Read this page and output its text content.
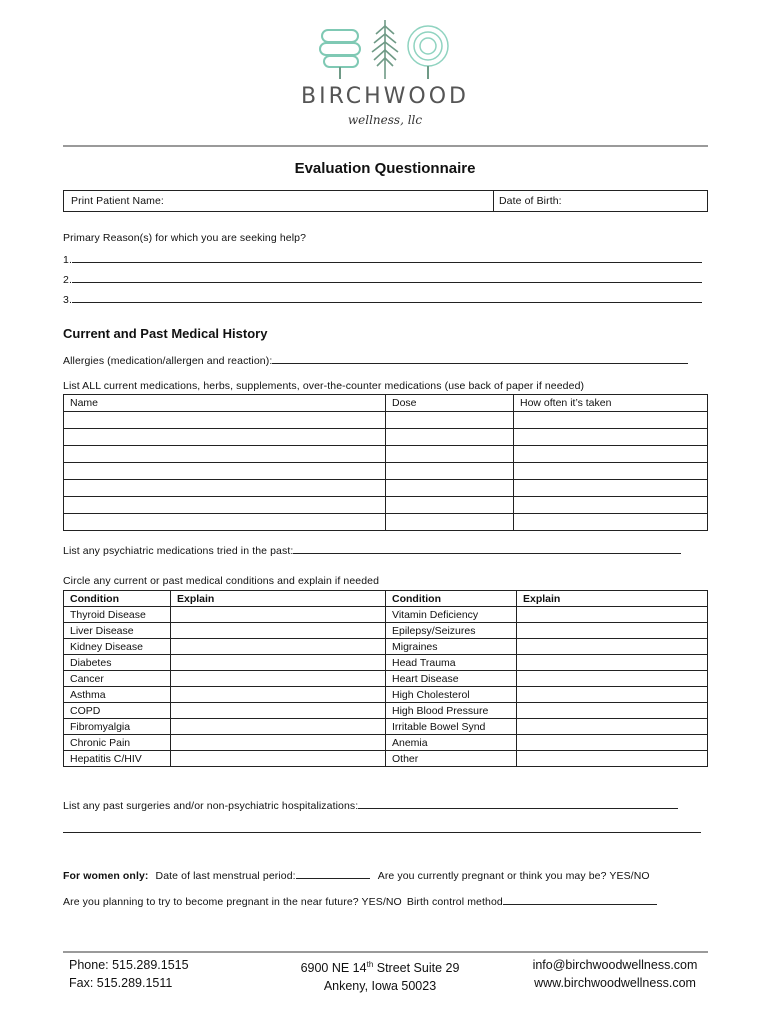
BIRCHWOOD
wellness, llc
Evaluation Questionnaire
Print Patient Name:	Date of Birth:
Primary Reason(s) for which you are seeking help?
1.
2.
3.
Current and Past Medical History
Allergies (medication/allergen and reaction):
List ALL current medications, herbs, supplements, over-the-counter medications (use back of paper if needed)
Name	Dose	How often it’s taken

List any psychiatric medications tried in the past:
Circle any current or past medical conditions and explain if needed
Condition	Explain	Condition	Explain
Thyroid Disease		Vitamin Deficiency	
Liver Disease		Epilepsy/Seizures	
Kidney Disease		Migraines	
Diabetes		Head Trauma	
Cancer		Heart Disease	
Asthma		High Cholesterol	
COPD		High Blood Pressure	
Fibromyalgia		Irritable Bowel Synd	
Chronic Pain		Anemia	
Hepatitis C/HIV		Other	
List any past surgeries and/or non-psychiatric hospitalizations:
For women only: Date of last menstrual period:	Are you currently pregnant or think you may be? YES/NO
Are you planning to try to become pregnant in the near future? YES/NO Birth control method
Phone: 515.289.1515
Fax: 515.289.1511
6900 NE 14th Street Suite 29
Ankeny, Iowa 50023
info@birchwoodwellness.com
www.birchwoodwellness.com
